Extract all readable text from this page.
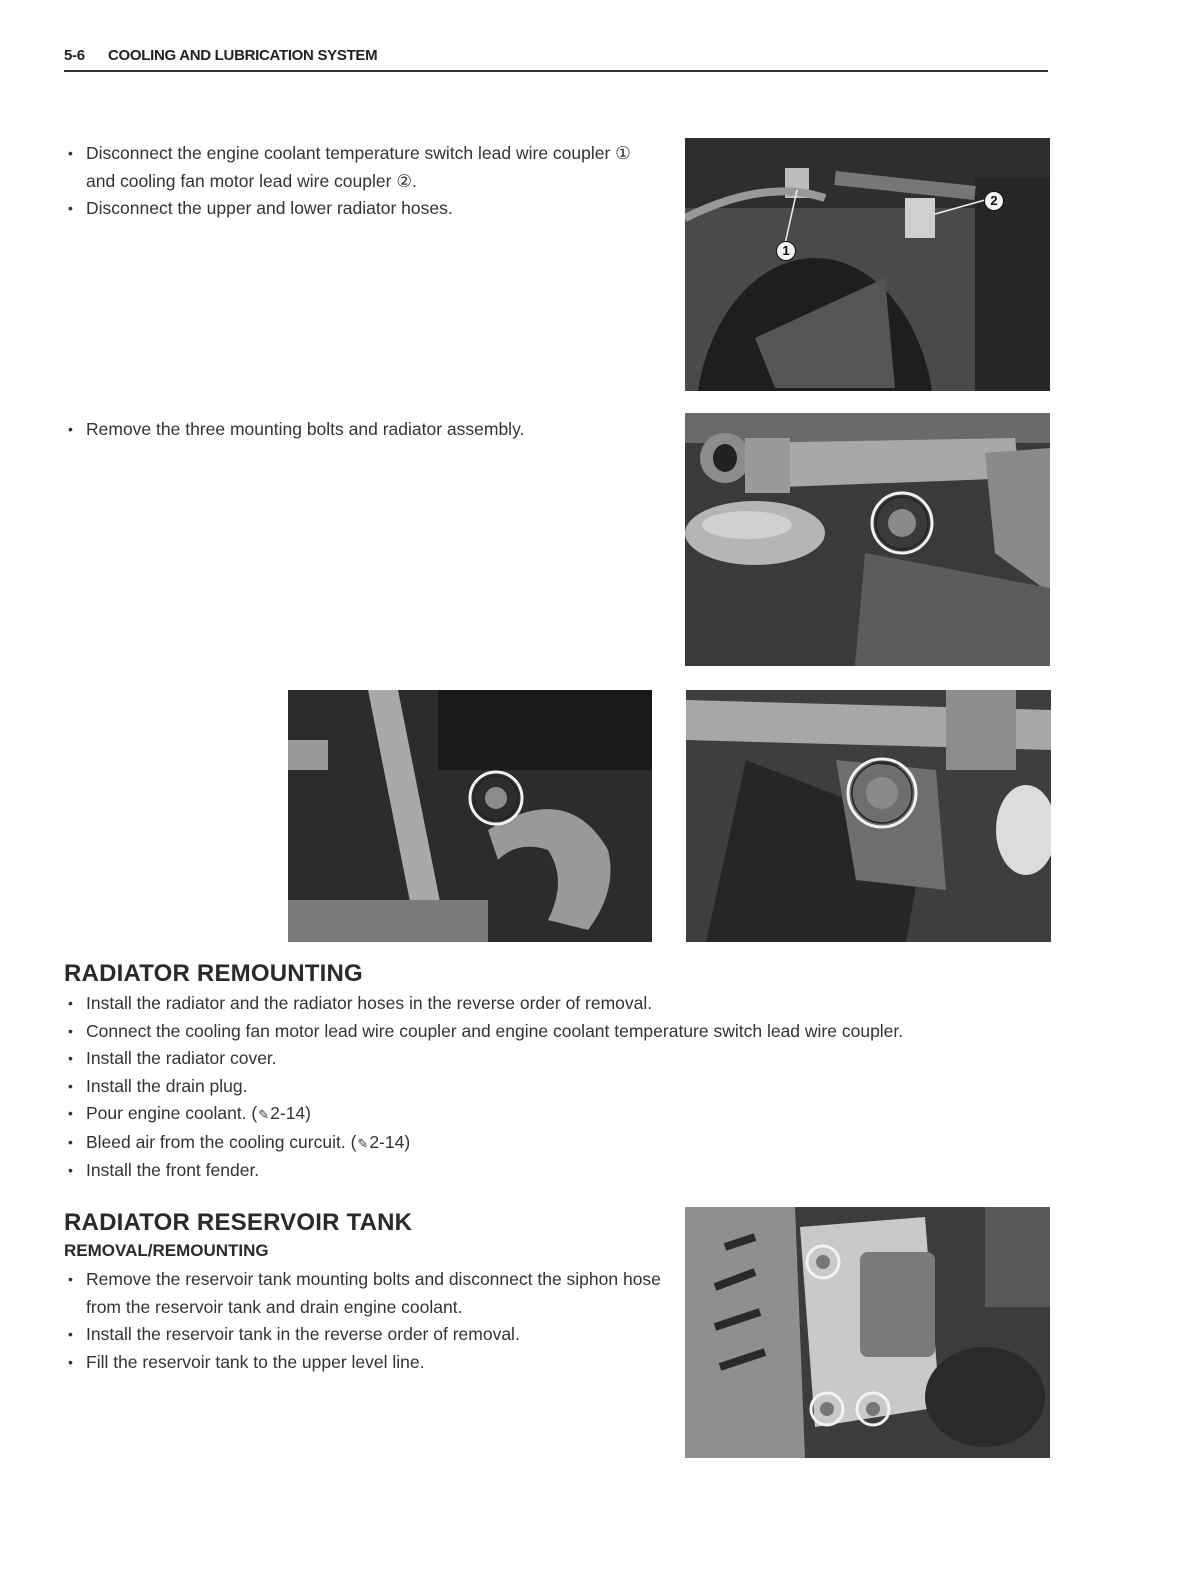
5-6 COOLING AND LUBRICATION SYSTEM
• Disconnect the engine coolant temperature switch lead wire coupler ① and cooling fan motor lead wire coupler ②.
• Disconnect the upper and lower radiator hoses.
1
2
• Remove the three mounting bolts and radiator assembly.
RADIATOR REMOUNTING
• Install the radiator and the radiator hoses in the reverse order of removal.
• Connect the cooling fan motor lead wire coupler and engine coolant temperature switch lead wire coupler.
• Install the radiator cover.
• Install the drain plug.
• Pour engine coolant. (✎2-14)
• Bleed air from the cooling curcuit. (✎2-14)
• Install the front fender.
RADIATOR RESERVOIR TANK
REMOVAL/REMOUNTING
• Remove the reservoir tank mounting bolts and disconnect the siphon hose from the reservoir tank and drain engine coolant.
• Install the reservoir tank in the reverse order of removal.
• Fill the reservoir tank to the upper level line.
